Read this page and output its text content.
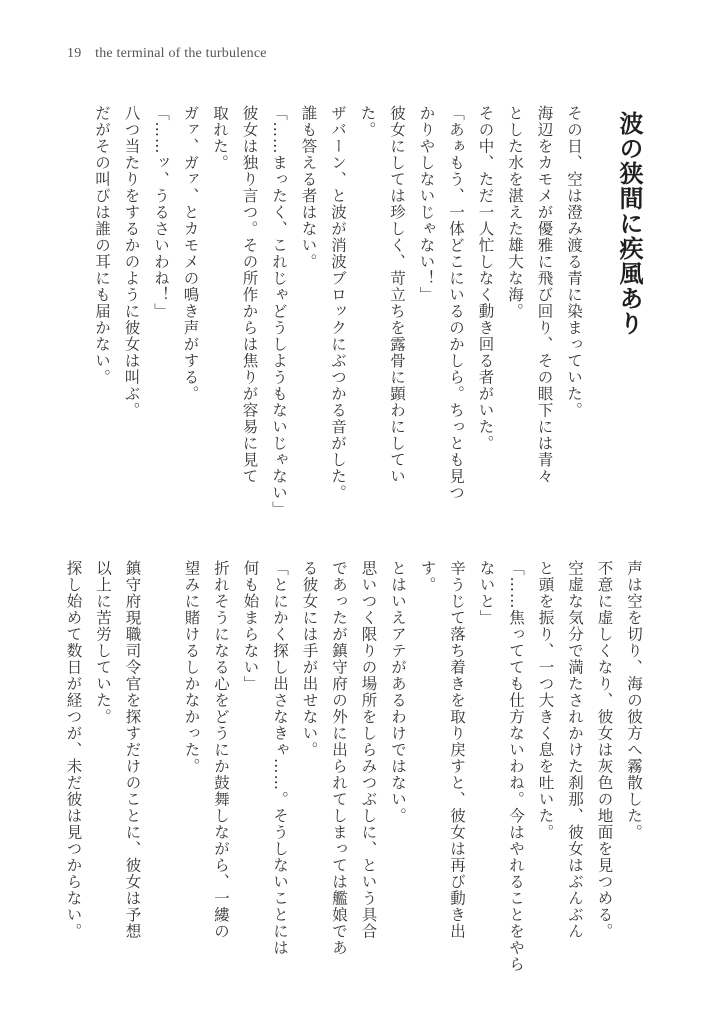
19 the terminal of the turbulence
波の狭間に疾風あり

その日、空は澄み渡る青に染まっていた。

海辺をカモメが優雅に飛び回り、その眼下には青々

とした水を湛えた雄大な海。

その中、ただ一人忙しなく動き回る者がいた。

「あぁもう、一体どこにいるのかしら。ちっとも見つ

かりやしないじゃない！」

彼女にしては珍しく、苛立ちを露骨に顕わにしてい

た。

ザバーン、と波が消波ブロックにぶつかる音がした。

誰も答える者はない。

「……まったく、これじゃどうしようもないじゃない」

彼女は独り言つ。その所作からは焦りが容易に見て

取れた。

ガァ、ガァ、とカモメの鳴き声がする。

「……ッ、うるさいわね！」

八つ当たりをするかのように彼女は叫ぶ。

だがその叫びは誰の耳にも届かない。

声は空を切り、海の彼方へ霧散した。

不意に虚しくなり、彼女は灰色の地面を見つめる。

空虚な気分で満たされかけた刹那、彼女はぶんぶん

と頭を振り、一つ大きく息を吐いた。

「……焦ってても仕方ないわね。今はやれることをやら

ないと」

辛うじて落ち着きを取り戻すと、彼女は再び動き出

す。

とはいえアテがあるわけではない。

思いつく限りの場所をしらみつぶしに、という具合

であったが鎮守府の外に出られてしまっては艦娘であ

る彼女には手が出せない。

「とにかく探し出さなきゃ……。そうしないことには

何も始まらない」

折れそうになる心をどうにか鼓舞しながら、一縷の

望みに賭けるしかなかった。

鎮守府現職司令官を探すだけのことに、彼女は予想

以上に苦労していた。

探し始めて数日が経つが、未だ彼は見つからない。
